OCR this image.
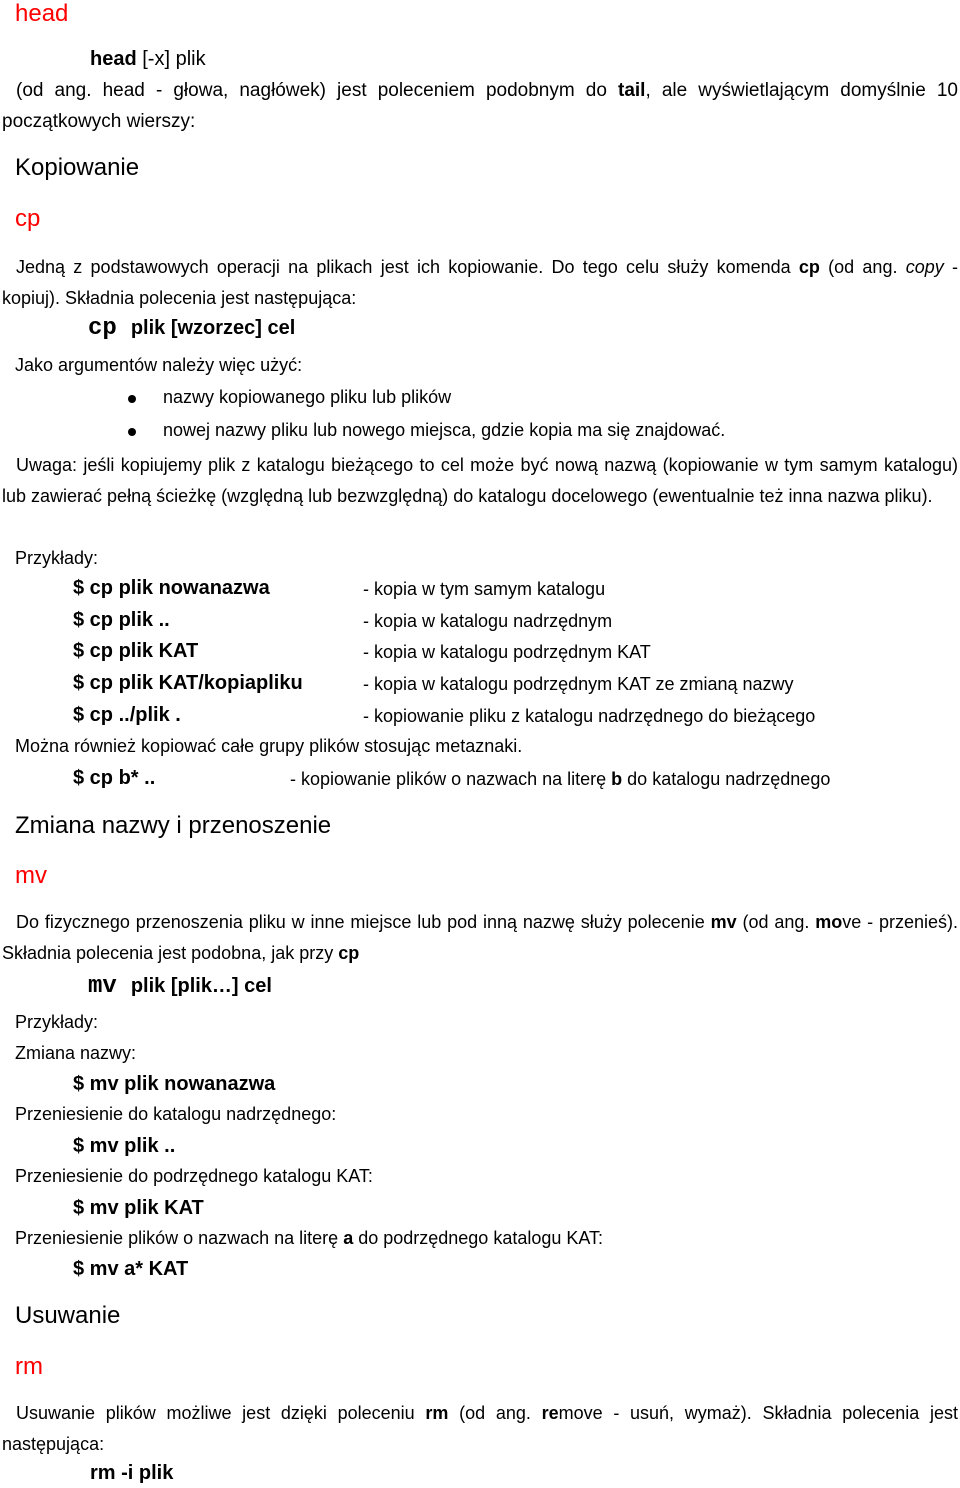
head
head [-x] plik
(od ang. head - głowa, nagłówek) jest poleceniem podobnym do tail, ale wyświetlającym domyślnie 10 początkowych wierszy:
Kopiowanie
cp
Jedną z podstawowych operacji na plikach jest ich kopiowanie. Do tego celu służy komenda cp (od ang. copy - kopiuj). Składnia polecenia jest następująca:
cp plik [wzorzec] cel
Jako argumentów należy więc użyć:
nazwy kopiowanego pliku lub plików
nowej nazwy pliku lub nowego miejsca, gdzie kopia ma się znajdować.
Uwaga: jeśli kopiujemy plik z katalogu bieżącego to cel może być nową nazwą (kopiowanie w tym samym katalogu) lub zawierać pełną ścieżkę (względną lub bezwzględną) do katalogu docelowego (ewentualnie też inna nazwa pliku).
Przykłady:
$ cp plik nowanazwa	- kopia w tym samym katalogu
$ cp plik ..	- kopia w katalogu nadrzędnym
$ cp plik KAT	- kopia w katalogu podrzędnym KAT
$ cp plik KAT/kopiapliku	- kopia w katalogu podrzędnym KAT ze zmianą nazwy
$ cp ../plik .	- kopiowanie pliku z katalogu nadrzędnego do bieżącego
Można również kopiować całe grupy plików stosując metaznaki.
$ cp b* ..	- kopiowanie plików o nazwach na literę b do katalogu nadrzędnego
Zmiana nazwy i przenoszenie
mv
Do fizycznego przenoszenia pliku w inne miejsce lub pod inną nazwę służy polecenie mv (od ang. move - przenieś). Składnia polecenia jest podobna, jak przy cp
mv plik [plik…] cel
Przykłady:
Zmiana nazwy:
$ mv plik nowanazwa
Przeniesienie do katalogu nadrzędnego:
$ mv plik ..
Przeniesienie do podrzędnego katalogu KAT:
$ mv plik KAT
Przeniesienie plików o nazwach na literę a do podrzędnego katalogu KAT:
$ mv a* KAT
Usuwanie
rm
Usuwanie plików możliwe jest dzięki poleceniu rm (od ang. remove - usuń, wymaż). Składnia polecenia jest następująca:
rm -i plik
